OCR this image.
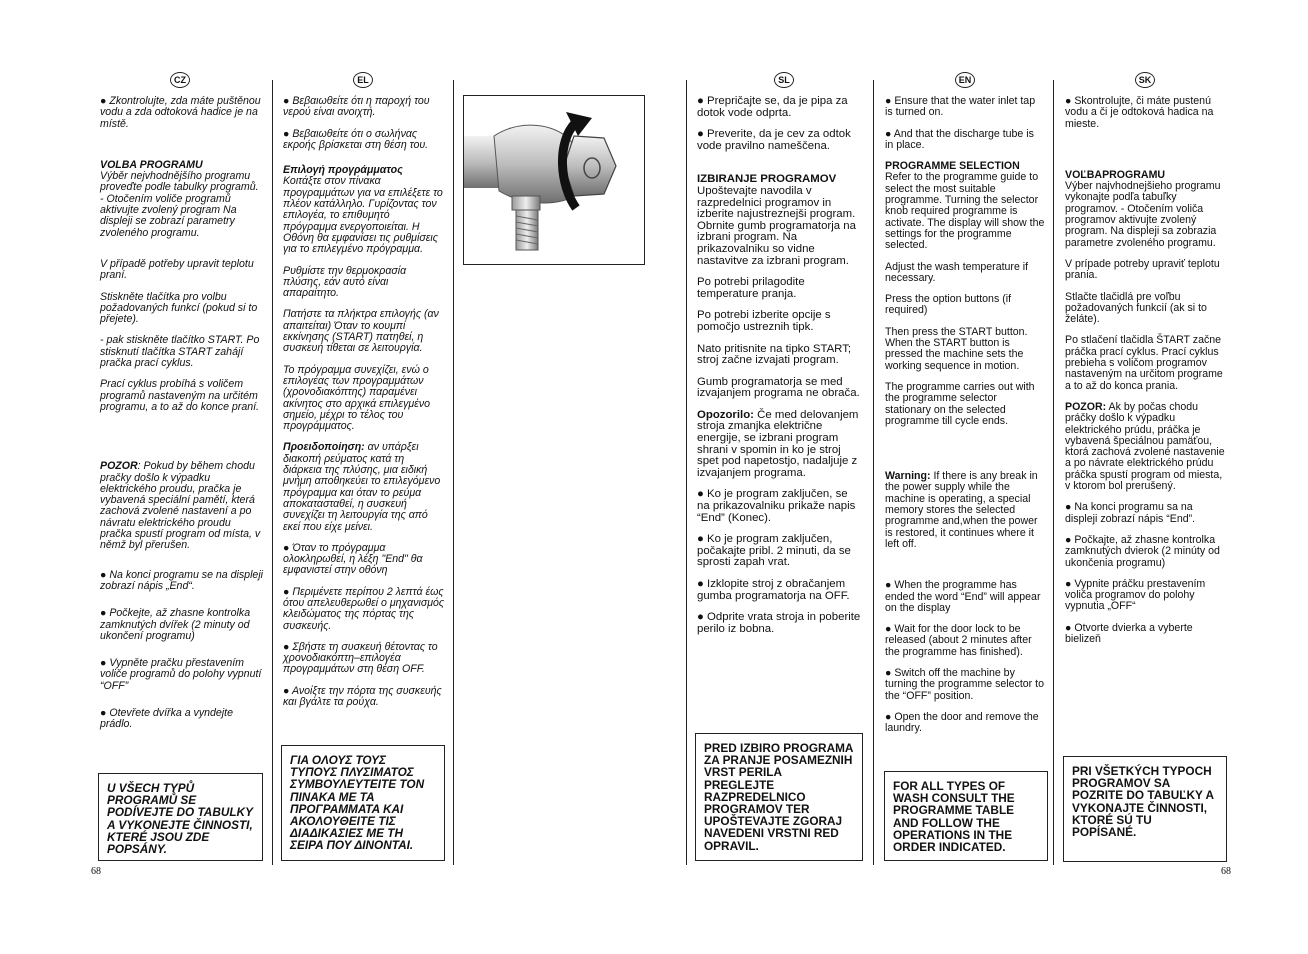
CZ	EL	SL	EN	SK

● Zkontrolujte, zda máte puštěnou vodu a zda odtoková hadice je na místě.

VOLBA PROGRAMU

Výběr nejvhodnějšího programu proveďte podle tabulky programů. - Otočením voliče programů aktivujte zvolený program Na displeji se zobrazí parametry zvoleného programu.

V případě potřeby upravit teplotu praní.

Stiskněte tlačítka pro volbu požadovaných funkcí (pokud si to přejete).

- pak stiskněte tlačítko START. Po stisknutí tlačítka START zahájí pračka prací cyklus.

Prací cyklus probíhá s voličem programů nastaveným na určitém programu, a to až do konce praní.

POZOR: Pokud by během chodu pračky došlo k výpadku elektrického proudu, pračka je vybavená speciální pamětí, která zachová zvolené nastavení a po návratu elektrického proudu pračka spustí program od místa, v němž byl přerušen.

● Na konci programu se na displeji zobrazí nápis „End“.

● Počkejte, až zhasne kontrolka zamknutých dvířek (2 minuty od ukončení programu)

● Vypněte pračku přestavením voliče programů do polohy vypnutí “OFF”

● Otevřete dvířka a vyndejte prádlo.

U VŠECH TYPŮ PROGRAMŮ SE PODÍVEJTE DO TABULKY A VYKONEJTE ČINNOSTI, KTERÉ JSOU ZDE POPSÁNY.

● Βεβαιωθείτε ότι η παροχή του νερού είναι ανοιχτή.

● Βεβαιωθείτε ότι ο σωλήνας εκροής βρίσκεται στη θέση του.

Επιλογή προγράμματος

Κοιτάξτε στον πίνακα προγραμμάτων για να επιλέξετε το πλέον κατάλληλο. Γυρίζοντας τον επιλογέα, το επιθυμητό πρόγραμμα ενεργοποιείται. Η Οθόνη θα εμφανίσει τις ρυθμίσεις για το επιλεγμένο πρόγραμμα.

Ρυθμίστε την θερμοκρασία πλύσης, εάν αυτό είναι απαραίτητο.

Πατήστε τα πλήκτρα επιλογής (αν απαιτείται) Όταν το κουμπί εκκίνησης (START) πατηθεί, η συσκευή τίθεται σε λειτουργία.

Το πρόγραμμα συνεχίζει, ενώ ο επιλογέας των προγραμμάτων (χρονοδιακόπτης) παραμένει ακίνητος στο αρχικά επιλεγμένο σημείο, μέχρι το τέλος του προγράμματος.

Προειδοποίηση: αν υπάρξει διακοπή ρεύματος κατά τη διάρκεια της πλύσης, μια ειδική μνήμη αποθηκεύει το επιλεγόμενο πρόγραμμα και όταν το ρεύμα αποκατασταθεί, η συσκευή συνεχίζει τη λειτουργία της από εκεί που είχε μείνει.

● Όταν το πρόγραμμα ολοκληρωθεί, η λέξη "End" θα εμφανιστεί στην οθόνη

● Περιμένετε περίπου 2 λεπτά έως ότου απελευθερωθεί ο μηχανισμός κλειδώματος της πόρτας της συσκευής.

● Σβήστε τη συσκευή θέτοντας το χρονοδιακόπτη–επιλογέα προγραμμάτων στη θέση OFF.

● Ανοίξτε την πόρτα της συσκευής και βγάλτε τα ρούχα.

ΓΙΑ ΟΛΟΥΣ ΤΟΥΣ ΤΥΠΟΥΣ ΠΛΥΣΙΜΑΤΟΣ ΣΥΜΒΟΥΛΕΥΤΕΙΤΕ ΤΟΝ ΠΙΝΑΚΑ ΜΕ ΤΑ ΠΡΟΓΡΑΜΜΑΤΑ ΚΑΙ ΑΚΟΛΟΥΘΕΙΤΕ ΤΙΣ ΔΙΑΔΙΚΑΣΙΕΣ ΜΕ ΤΗ ΣΕΙΡΑ ΠΟΥ ΔΙΝΟΝΤΑΙ.

● Prepričajte se, da je pipa za dotok vode odprta.

● Preverite, da je cev za odtok vode pravilno nameščena.

IZBIRANJE PROGRAMOV

Upoštevajte navodila v razpredelnici programov in izberite najustreznejši program. Obrnite gumb programatorja na izbrani program. Na prikazovalniku so vidne nastavitve za izbrani program.

Po potrebi prilagodite temperature pranja.

Po potrebi izberite opcije s pomočjo ustreznih tipk.

Nato pritisnite na tipko START; stroj začne izvajati program.

Gumb programatorja se med izvajanjem programa ne obrača.

Opozorilo: Če med delovanjem stroja zmanjka električne energije, se izbrani program shrani v spomin in ko je stroj spet pod napetostjo, nadaljuje z izvajanjem programa.

● Ko je program zaključen, se na prikazovalniku prikaže napis “End” (Konec).

● Ko je program zaključen, počakajte pribl. 2 minuti, da se sprosti zapah vrat.

● Izklopite stroj z obračanjem gumba programatorja na OFF.

● Odprite vrata stroja in poberite perilo iz bobna.

PRED IZBIRO PROGRAMA ZA PRANJE POSAMEZNIH VRST PERILA PREGLEJTE RAZPREDELNICO PROGRAMOV TER UPOŠTEVAJTE ZGORAJ NAVEDENI VRSTNI RED OPRAVIL.

● Ensure that the water inlet tap is turned on.

● And that the discharge tube is in place.

PROGRAMME SELECTION

Refer to the programme guide to select the most suitable programme. Turning the selector knob required programme is activate. The display will show the settings for the programme selected.

Adjust the wash temperature if necessary.

Press the option buttons (if required)

Then press the START button. When the START button is pressed the machine sets the working sequence in motion.

The programme carries out with the programme selector stationary on the selected programme till cycle ends.

Warning: If there is any break in the power supply while the machine is operating, a special memory stores the selected programme and,when the power is restored, it continues where it left off.

● When the programme has ended the word “End” will appear on the display

● Wait for the door lock to be released (about 2 minutes after the programme has finished).

● Switch off the machine by turning the programme selector to the “OFF” position.

● Open the door and remove the laundry.

FOR ALL TYPES OF WASH CONSULT THE PROGRAMME TABLE AND FOLLOW THE OPERATIONS IN THE ORDER INDICATED.

● Skontrolujte, či máte pustenú vodu a či je odtoková hadica na mieste.

VOĽBAPROGRAMU

Výber najvhodnejšieho programu vykonajte podľa tabuľky programov. - Otočením voliča programov aktivujte zvolený program. Na displeji sa zobrazia parametre zvoleného programu.

V prípade potreby upraviť teplotu prania.

Stlačte tlačidlá pre voľbu požadovaných funkcií (ak si to želáte).

Po stlačení tlačidla ŠTART začne práčka prací cyklus. Prací cyklus prebieha s voličom programov nastaveným na určitom programe a to až do konca prania.

POZOR: Ak by počas chodu práčky došlo k výpadku elektrického prúdu, práčka je vybavená špeciálnou pamäťou, ktorá zachová zvolené nastavenie a po návrate elektrického prúdu práčka spustí program od miesta, v ktorom bol prerušený.

● Na konci programu sa na displeji zobrazí nápis “End”.

● Počkajte, až zhasne kontrolka zamknutých dvierok (2 minúty od ukončenia programu)

● Vypnite práčku prestavením voliča programov do polohy vypnutia „OFF“

● Otvorte dvierka a vyberte bielizeň

PRI VŠETKÝCH TYPOCH PROGRAMOV SA POZRITE DO TABUĽKY A VYKONAJTE ČINNOSTI, KTORÉ SÚ TU POPÍSANÉ.
68	68
